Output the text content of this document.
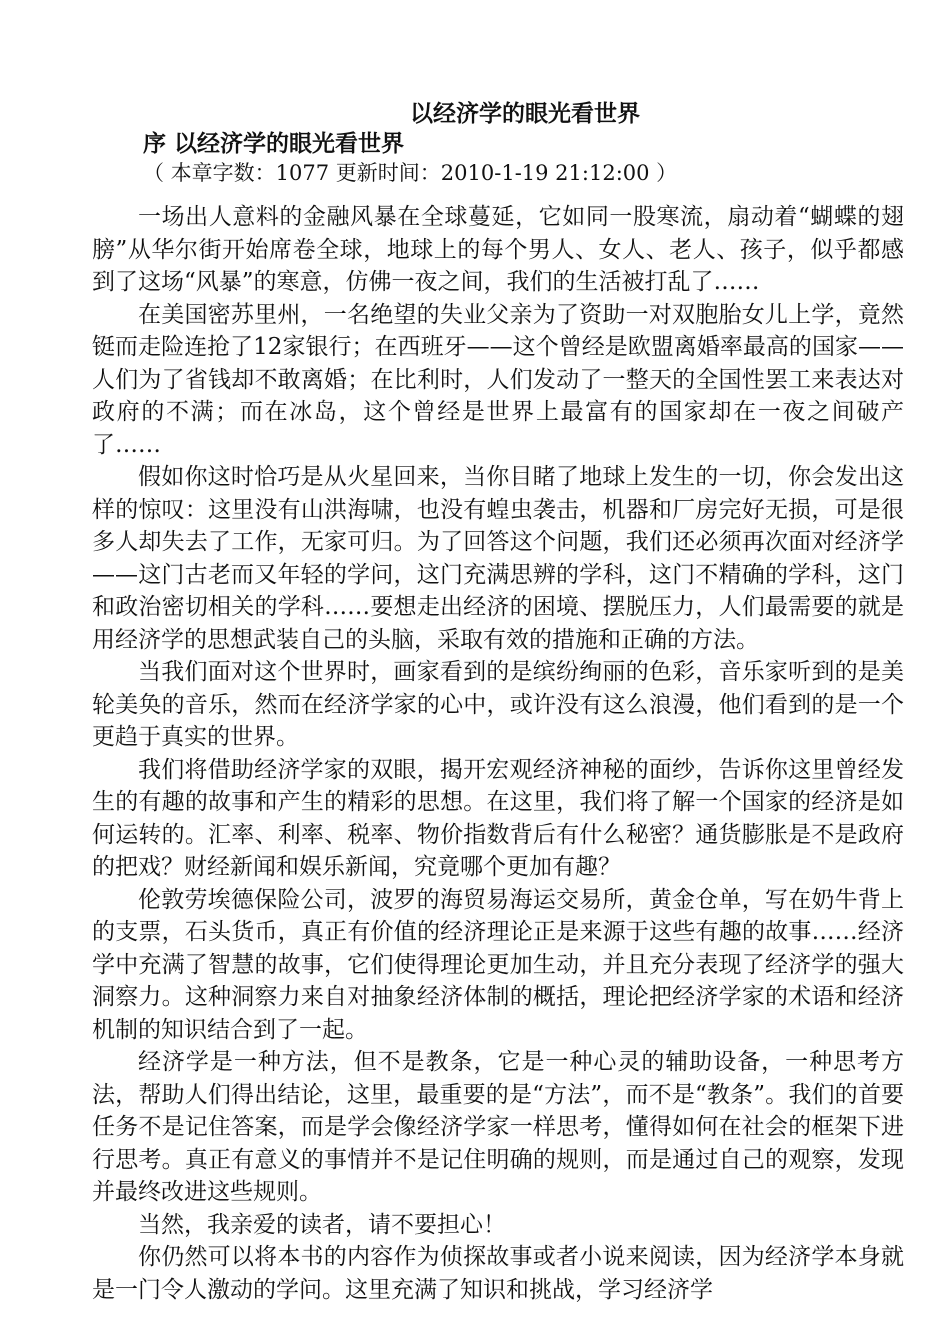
以经济学的眼光看世界
序 以经济学的眼光看世界
（ 本章字数：1077 更新时间：2010-1-19 21:12:00 ）

一场出人意料的金融风暴在全球蔓延，它如同一股寒流，扇动着“蝴蝶的翅膀”从华尔街开始席卷全球，地球上的每个男人、女人、老人、孩子，似乎都感到了这场“风暴”的寒意，仿佛一夜之间，我们的生活被打乱了……

在美国密苏里州，一名绝望的失业父亲为了资助一对双胞胎女儿上学，竟然铤而走险连抢了12家银行；在西班牙——这个曾经是欧盟离婚率最高的国家——人们为了省钱却不敢离婚；在比利时，人们发动了一整天的全国性罢工来表达对政府的不满；而在冰岛，这个曾经是世界上最富有的国家却在一夜之间破产了……

假如你这时恰巧是从火星回来，当你目睹了地球上发生的一切，你会发出这样的惊叹：这里没有山洪海啸，也没有蝗虫袭击，机器和厂房完好无损，可是很多人却失去了工作，无家可归。为了回答这个问题，我们还必须再次面对经济学——这门古老而又年轻的学问，这门充满思辨的学科，这门不精确的学科，这门和政治密切相关的学科……要想走出经济的困境、摆脱压力，人们最需要的就是用经济学的思想武装自己的头脑，采取有效的措施和正确的方法。

当我们面对这个世界时，画家看到的是缤纷绚丽的色彩，音乐家听到的是美轮美奂的音乐，然而在经济学家的心中，或许没有这么浪漫，他们看到的是一个更趋于真实的世界。

我们将借助经济学家的双眼，揭开宏观经济神秘的面纱，告诉你这里曾经发生的有趣的故事和产生的精彩的思想。在这里，我们将了解一个国家的经济是如何运转的。汇率、利率、税率、物价指数背后有什么秘密？通货膨胀是不是政府的把戏？财经新闻和娱乐新闻，究竟哪个更加有趣？

伦敦劳埃德保险公司，波罗的海贸易海运交易所，黄金仓单，写在奶牛背上的支票，石头货币，真正有价值的经济理论正是来源于这些有趣的故事……经济学中充满了智慧的故事，它们使得理论更加生动，并且充分表现了经济学的强大洞察力。这种洞察力来自对抽象经济体制的概括，理论把经济学家的术语和经济机制的知识结合到了一起。

经济学是一种方法，但不是教条，它是一种心灵的辅助设备，一种思考方法，帮助人们得出结论，这里，最重要的是“方法”，而不是“教条”。我们的首要任务不是记住答案，而是学会像经济学家一样思考，懂得如何在社会的框架下进行思考。真正有意义的事情并不是记住明确的规则，而是通过自己的观察，发现并最终改进这些规则。

当然，我亲爱的读者，请不要担心！

你仍然可以将本书的内容作为侦探故事或者小说来阅读，因为经济学本身就是一门令人激动的学问。这里充满了知识和挑战，学习经济学
